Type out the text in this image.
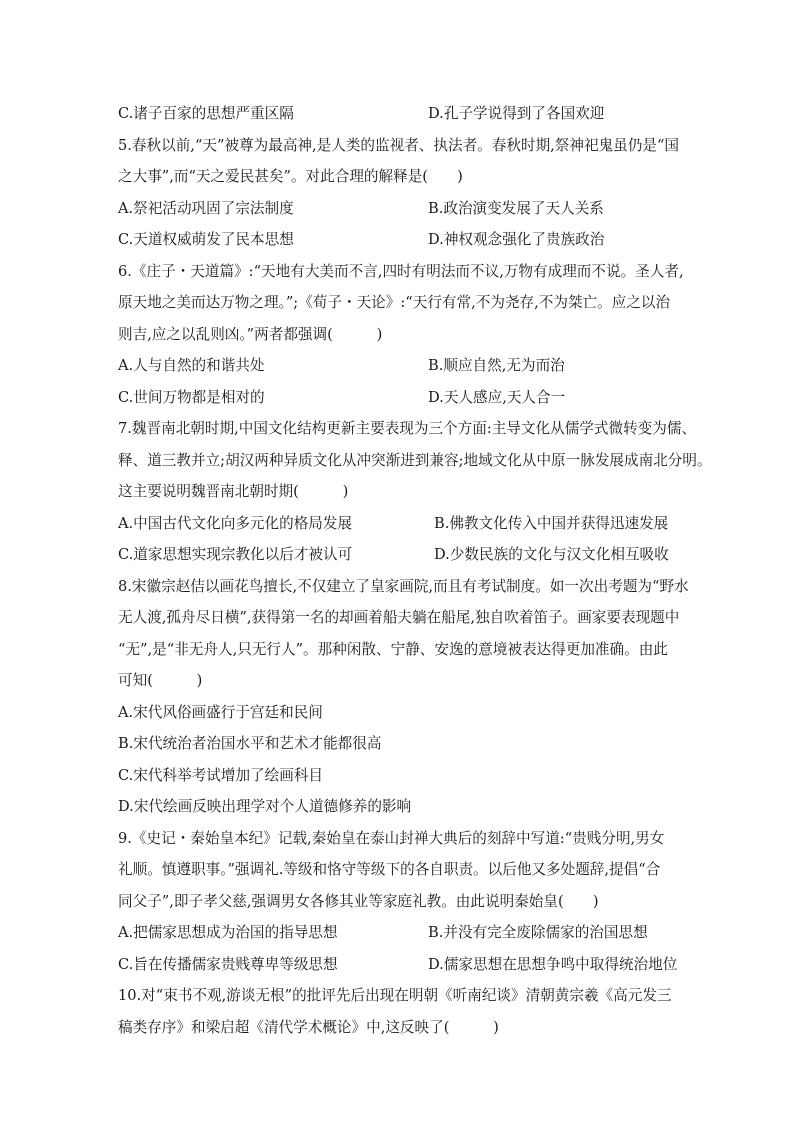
C.诸子百家的思想严重区隔	D.孔子学说得到了各国欢迎
5.春秋以前,“天”被尊为最高神,是人类的监视者、执法者。春秋时期,祭神祀鬼虽仍是“国
之大事”,而“天之爱民甚矣”。对此合理的解释是(　　)
A.祭祀活动巩固了宗法制度	B.政治演变发展了天人关系
C.天道权威萌发了民本思想	D.神权观念强化了贵族政治
6.《庄子・天道篇》:“天地有大美而不言,四时有明法而不议,万物有成理而不说。圣人者,
原天地之美而达万物之理。”;《荀子・天论》:“天行有常,不为尧存,不为桀亡。应之以治
则吉,应之以乱则凶。”两者都强调(　　　)
A.人与自然的和谐共处	B.顺应自然,无为而治
C.世间万物都是相对的	D.天人感应,天人合一
7.魏晋南北朝时期,中国文化结构更新主要表现为三个方面:主导文化从儒学式微转变为儒、
释、道三教并立;胡汉两种异质文化从冲突渐进到兼容;地域文化从中原一脉发展成南北分明。
这主要说明魏晋南北朝时期(　　　)
A.中国古代文化向多元化的格局发展	B.佛教文化传入中国并获得迅速发展
C.道家思想实现宗教化以后才被认可	D.少数民族的文化与汉文化相互吸收
8.宋徽宗赵佶以画花鸟擅长,不仅建立了皇家画院,而且有考试制度。如一次出考题为“野水
无人渡,孤舟尽日横”,获得第一名的却画着船夫躺在船尾,独自吹着笛子。画家要表现题中
“无”,是“非无舟人,只无行人”。那种闲散、宁静、安逸的意境被表达得更加准确。由此
可知(　　　)
A.宋代风俗画盛行于宫廷和民间
B.宋代统治者治国水平和艺术才能都很高
C.宋代科举考试增加了绘画科目
D.宋代绘画反映出理学对个人道德修养的影响
9.《史记・秦始皇本纪》记载,秦始皇在泰山封禅大典后的刻辞中写道:“贵贱分明,男女
礼顺。慎遵职事。”强调礼.等级和恪守等级下的各自职责。以后他又多处题辞,提倡“合
同父子”,即子孝父慈,强调男女各修其业等家庭礼教。由此说明秦始皇(　　)
A.把儒家思想成为治国的指导思想	B.并没有完全废除儒家的治国思想
C.旨在传播儒家贵贱尊卑等级思想	D.儒家思想在思想争鸣中取得统治地位
10.对“束书不观,游谈无根”的批评先后出现在明朝《听南纪谈》清朝黄宗羲《高元发三
稿类存序》和梁启超《清代学术概论》中,这反映了(　　　)
